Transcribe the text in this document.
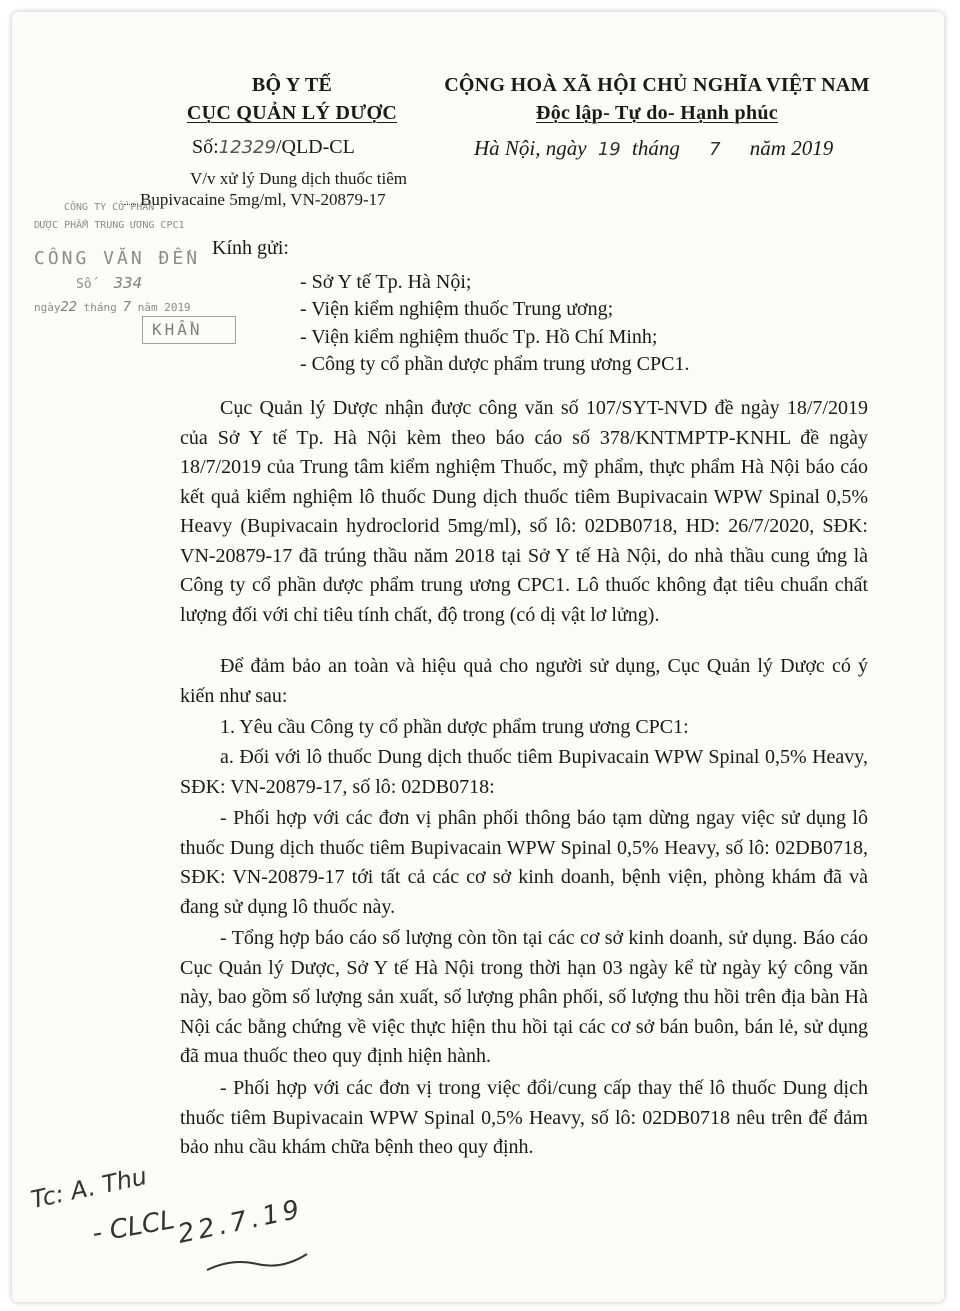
BỘ Y TẾ
CỤC QUẢN LÝ DƯỢC
Số:12329/QLD-CL
V/v xử lý Dung dịch thuốc tiêm
Bupivacaine 5mg/ml, VN-20879-17
CỘNG HOÀ XÃ HỘI CHỦ NGHĨA VIỆT NAM
Độc lập- Tự do- Hạnh phúc
Hà Nội, ngày 19 tháng 7 năm 2019
CÔNG TY CỔ PHẦN
DƯỢC PHẨM TRUNG ƯƠNG CPC1
CÔNG VĂN ĐẾN
Số 334
ngày22 tháng 7 năm 2019
KHẨN
Kính gửi:
- Sở Y tế Tp. Hà Nội;
- Viện kiểm nghiệm thuốc Trung ương;
- Viện kiểm nghiệm thuốc Tp. Hồ Chí Minh;
- Công ty cổ phần dược phẩm trung ương CPC1.
Cục Quản lý Dược nhận được công văn số 107/SYT-NVD đề ngày 18/7/2019 của Sở Y tế Tp. Hà Nội kèm theo báo cáo số 378/KNTMPTP-KNHL đề ngày 18/7/2019 của Trung tâm kiểm nghiệm Thuốc, mỹ phẩm, thực phẩm Hà Nội báo cáo kết quả kiểm nghiệm lô thuốc Dung dịch thuốc tiêm Bupivacain WPW Spinal 0,5% Heavy (Bupivacain hydroclorid 5mg/ml), số lô: 02DB0718, HD: 26/7/2020, SĐK: VN-20879-17 đã trúng thầu năm 2018 tại Sở Y tế Hà Nội, do nhà thầu cung ứng là Công ty cổ phần dược phẩm trung ương CPC1. Lô thuốc không đạt tiêu chuẩn chất lượng đối với chỉ tiêu tính chất, độ trong (có dị vật lơ lửng).
Để đảm bảo an toàn và hiệu quả cho người sử dụng, Cục Quản lý Dược có ý kiến như sau:
1. Yêu cầu Công ty cổ phần dược phẩm trung ương CPC1:
a. Đối với lô thuốc Dung dịch thuốc tiêm Bupivacain WPW Spinal 0,5% Heavy, SĐK: VN-20879-17, số lô: 02DB0718:
- Phối hợp với các đơn vị phân phối thông báo tạm dừng ngay việc sử dụng lô thuốc Dung dịch thuốc tiêm Bupivacain WPW Spinal 0,5% Heavy, số lô: 02DB0718, SĐK: VN-20879-17 tới tất cả các cơ sở kinh doanh, bệnh viện, phòng khám đã và đang sử dụng lô thuốc này.
- Tổng hợp báo cáo số lượng còn tồn tại các cơ sở kinh doanh, sử dụng. Báo cáo Cục Quản lý Dược, Sở Y tế Hà Nội trong thời hạn 03 ngày kể từ ngày ký công văn này, bao gồm số lượng sản xuất, số lượng phân phối, số lượng thu hồi trên địa bàn Hà Nội các bằng chứng về việc thực hiện thu hồi tại các cơ sở bán buôn, bán lẻ, sử dụng đã mua thuốc theo quy định hiện hành.
- Phối hợp với các đơn vị trong việc đổi/cung cấp thay thế lô thuốc Dung dịch thuốc tiêm Bupivacain WPW Spinal 0,5% Heavy, số lô: 02DB0718 nêu trên để đảm bảo nhu cầu khám chữa bệnh theo quy định.
Tc: A. Thu
- CLCL
22.7.19
